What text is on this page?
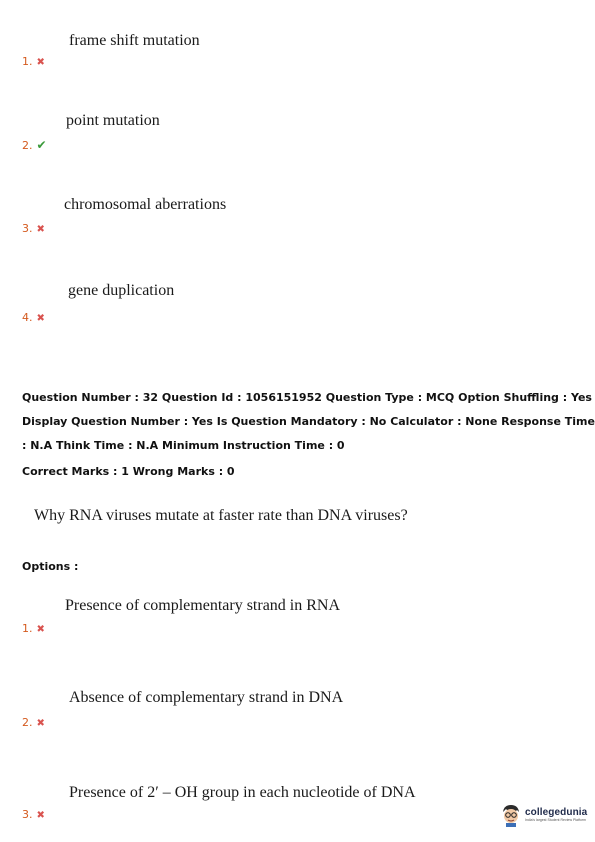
frame shift mutation
1. ✖
point mutation
2. ✔
chromosomal aberrations
3. ✖
gene duplication
4. ✖
Question Number : 32 Question Id : 1056151952 Question Type : MCQ Option Shuffling : Yes
Display Question Number : Yes Is Question Mandatory : No Calculator : None Response Time
: N.A Think Time : N.A Minimum Instruction Time : 0
Correct Marks : 1 Wrong Marks : 0
Why RNA viruses mutate at faster rate than DNA viruses?
Options :
Presence of complementary strand in RNA
1. ✖
Absence of complementary strand in DNA
2. ✖
Presence of 2′ – OH group in each nucleotide of DNA
3. ✖	collegedunia
India's largest Student Review Platform
